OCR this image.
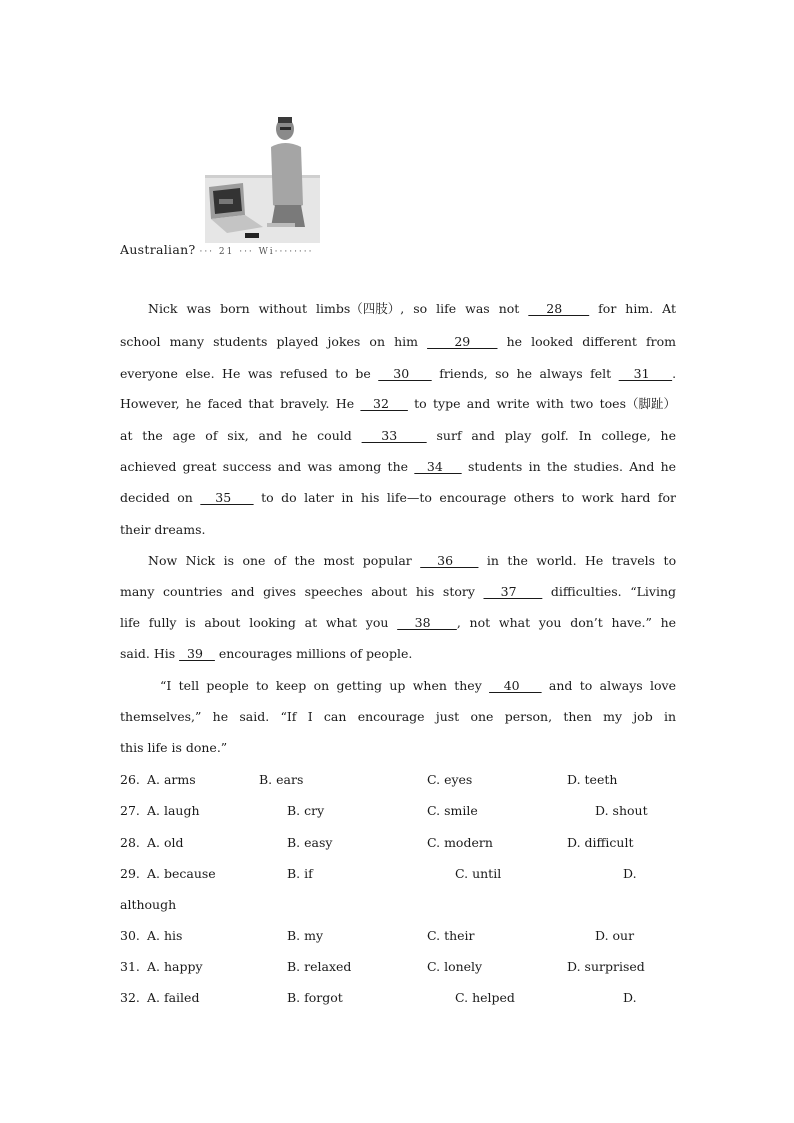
Australian? ··· 21 ··· Wi········
Nick was born without limbs（四肢）, so life was not 28 for him. At
school many students played jokes on him 29 he looked different from
everyone else. He was refused to be 30 friends, so he always felt 31 .
However, he faced that bravely. He 32 to type and write with two toes（脚趾）
at the age of six, and he could 33 surf and play golf. In college, he
achieved great success and was among the 34 students in the studies. And he
decided on 35 to do later in his life—to encourage others to work hard for
their dreams.
Now Nick is one of the most popular 36 in the world. He travels to
many countries and gives speeches about his story 37 difficulties. “Living
life fully is about looking at what you 38 , not what you don’t have.” he
said. His 39 encourages millions of people.
“I tell people to keep on getting up when they 40 and to always love
themselves,” he said. “If I can encourage just one person, then my job in
this life is done.”
26. A. arms	B. ears	C. eyes	D. teeth
27. A. laugh	B. cry	C. smile	D. shout
28. A. old	B. easy	C. modern	D. difficult
29. A. because	B. if	C. until	D.
although
30. A. his	B. my	C. their	D. our
31. A. happy	B. relaxed	C. lonely	D. surprised
32. A. failed	B. forgot	C. helped	D.
